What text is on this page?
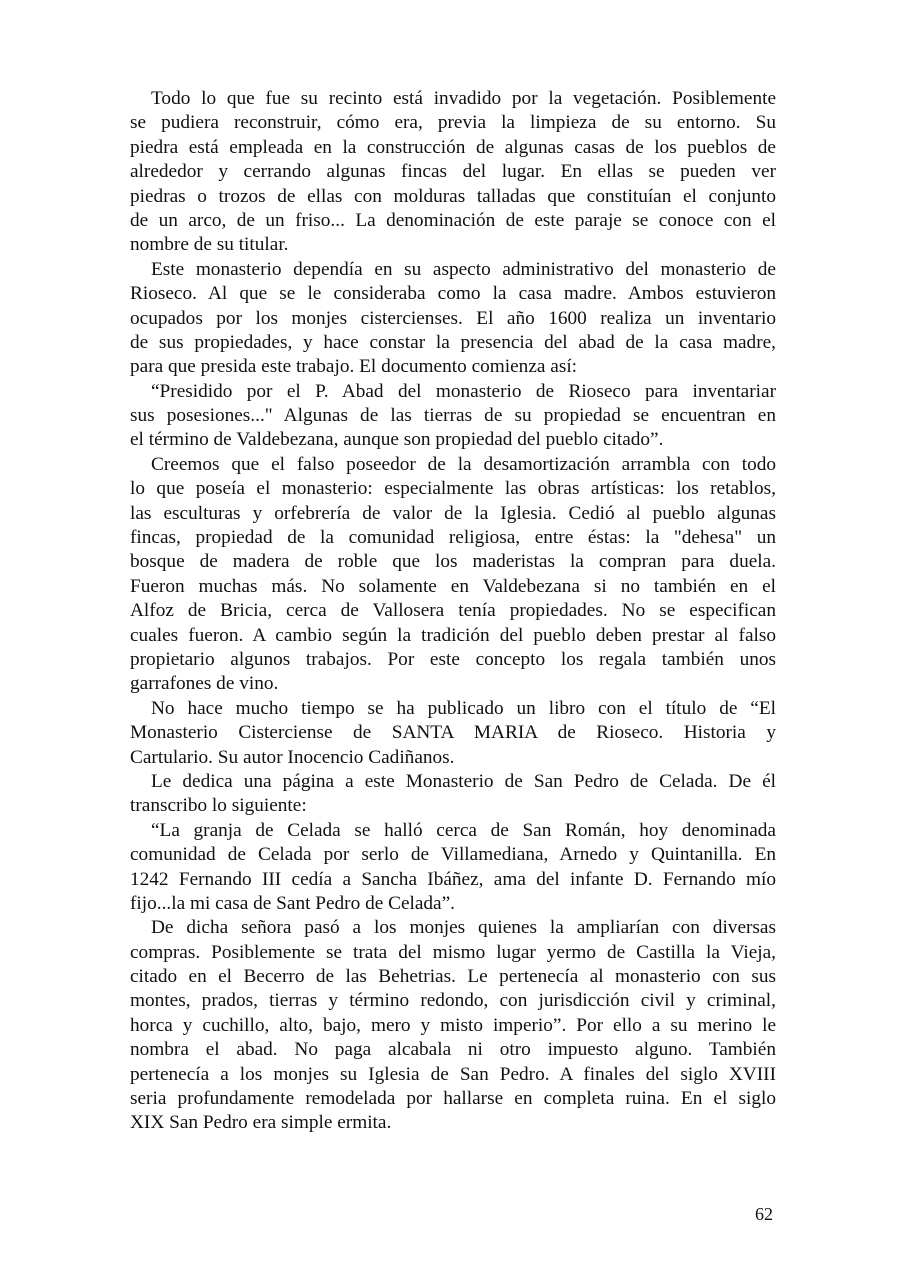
Todo lo que fue su recinto está invadido por la vegetación. Posiblemente
se pudiera reconstruir, cómo era, previa la limpieza de su entorno. Su
piedra está empleada en la construcción de algunas casas de los pueblos de
alrededor y cerrando algunas fincas del lugar. En ellas se pueden ver
piedras o trozos de ellas con molduras talladas que constituían el conjunto
de un arco, de un friso... La denominación de este paraje se conoce con el
nombre de su titular.
Este monasterio dependía en su aspecto administrativo del monasterio de
Rioseco. Al que se le consideraba como la casa madre. Ambos estuvieron
ocupados por los monjes cistercienses. El año 1600 realiza un inventario
de sus propiedades, y hace constar la presencia del abad de la casa madre,
para que presida este trabajo. El documento comienza así:
“Presidido por el P. Abad del monasterio de Rioseco para inventariar
sus posesiones..." Algunas de las tierras de su propiedad se encuentran en
el término de Valdebezana, aunque son propiedad del pueblo citado”.
Creemos que el falso poseedor de la desamortización arrambla con todo
lo que poseía el monasterio: especialmente las obras artísticas: los retablos,
las esculturas y orfebrería de valor de la Iglesia. Cedió al pueblo algunas
fincas, propiedad de la comunidad religiosa, entre éstas: la "dehesa" un
bosque de madera de roble que los maderistas la compran para duela.
Fueron muchas más. No solamente en Valdebezana si no también en el
Alfoz de Bricia, cerca de Vallosera tenía propiedades. No se especifican
cuales fueron. A cambio según la tradición del pueblo deben prestar al falso
propietario algunos trabajos. Por este concepto los regala también unos
garrafones de vino.
No hace mucho tiempo se ha publicado un libro con el título de “El
Monasterio Cisterciense de SANTA MARIA de Rioseco. Historia y
Cartulario. Su autor Inocencio Cadiñanos.
Le dedica una página a este Monasterio de San Pedro de Celada. De él
transcribo lo siguiente:
“La granja de Celada se halló cerca de San Román, hoy denominada
comunidad de Celada por serlo de Villamediana, Arnedo y Quintanilla. En
1242 Fernando III cedía a Sancha Ibáñez, ama del infante D. Fernando mío
fijo...la mi casa de Sant Pedro de Celada”.
De dicha señora pasó a los monjes quienes la ampliarían con diversas
compras. Posiblemente se trata del mismo lugar yermo de Castilla la Vieja,
citado en el Becerro de las Behetrias. Le pertenecía al monasterio con sus
montes, prados, tierras y término redondo, con jurisdicción civil y criminal,
horca y cuchillo, alto, bajo, mero y misto imperio”. Por ello a su merino le
nombra el abad. No paga alcabala ni otro impuesto alguno. También
pertenecía a los monjes su Iglesia de San Pedro. A finales del siglo XVIII
seria profundamente remodelada por hallarse en completa ruina. En el siglo
XIX San Pedro era simple ermita.
62
